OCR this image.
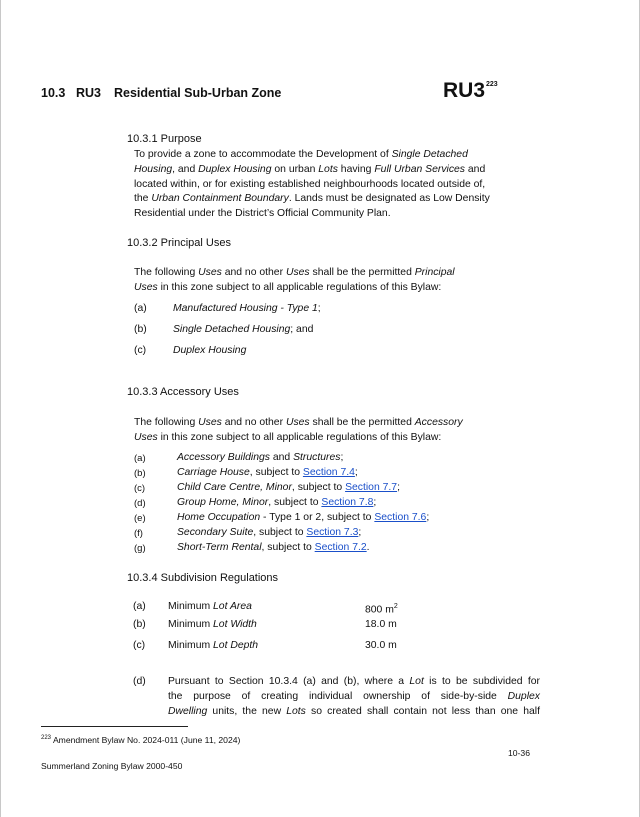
10.3 RU3 Residential Sub-Urban Zone	$RU3^{223}$
10.3.1 Purpose
To provide a zone to accommodate the Development of Single Detached
Housing, and Duplex Housing on urban Lots having Full Urban Services and
located within, or for existing established neighbourhoods located outside of,
the Urban Containment Boundary. Lands must be designated as Low Density
Residential under the District’s Official Community Plan.
10.3.2 Principal Uses
The following Uses and no other Uses shall be the permitted Principal
Uses in this zone subject to all applicable regulations of this Bylaw:
(a)	Manufactured Housing - Type 1;
(b)	Single Detached Housing; and
(c)	Duplex Housing
10.3.3 Accessory Uses
The following Uses and no other Uses shall be the permitted Accessory
Uses in this zone subject to all applicable regulations of this Bylaw:
(a)	Accessory Buildings and Structures;
(b)	Carriage House, subject to Section 7.4;
(c)	Child Care Centre, Minor, subject to Section 7.7;
(d)	Group Home, Minor, subject to Section 7.8;
(e)	Home Occupation - Type 1 or 2, subject to Section 7.6;
(f)	Secondary Suite, subject to Section 7.3;
(g)	Short-Term Rental, subject to Section 7.2.
10.3.4 Subdivision Regulations
(a) Minimum Lot Area	800 $m^2$
(b) Minimum Lot Width	18.0 m
(c) Minimum Lot Depth	30.0 m
(d) Pursuant to Section 10.3.4 (a) and (b), where a Lot is to be subdivided for
the purpose of creating individual ownership of side-by-side Duplex
Dwelling units, the new Lots so created shall contain not less than one half
$^{223}$ Amendment Bylaw No. 2024-011 (June 11, 2024)
10-36
Summerland Zoning Bylaw 2000-450
